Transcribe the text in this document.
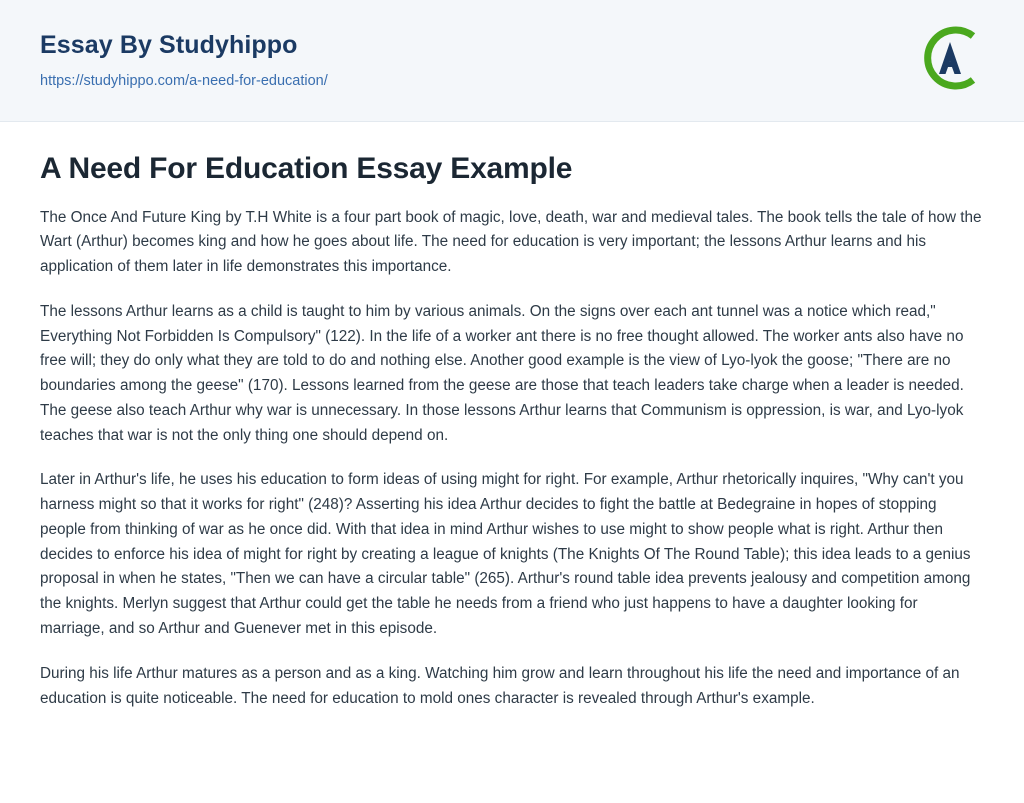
Essay By Studyhippo
https://studyhippo.com/a-need-for-education/
A Need For Education Essay Example

The Once And Future King by T.H White is a four part book of magic, love, death, war and medieval tales. The book tells the tale of how the Wart (Arthur) becomes king and how he goes about life. The need for education is very important; the lessons Arthur learns and his application of them later in life demonstrates this importance.

The lessons Arthur learns as a child is taught to him by various animals. On the signs over each ant tunnel was a notice which read," Everything Not Forbidden Is Compulsory" (122). In the life of a worker ant there is no free thought allowed. The worker ants also have no free will; they do only what they are told to do and nothing else. Another good example is the view of Lyo-lyok the goose; "There are no boundaries among the geese" (170). Lessons learned from the geese are those that teach leaders take charge when a leader is needed. The geese also teach Arthur why war is unnecessary. In those lessons Arthur learns that Communism is oppression, is war, and Lyo-lyok teaches that war is not the only thing one should depend on.

Later in Arthur's life, he uses his education to form ideas of using might for right. For example, Arthur rhetorically inquires, "Why can't you harness might so that it works for right" (248)? Asserting his idea Arthur decides to fight the battle at Bedegraine in hopes of stopping people from thinking of war as he once did. With that idea in mind Arthur wishes to use might to show people what is right. Arthur then decides to enforce his idea of might for right by creating a league of knights (The Knights Of The Round Table); this idea leads to a genius proposal in when he states, "Then we can have a circular table" (265). Arthur's round table idea prevents jealousy and competition among the knights. Merlyn suggest that Arthur could get the table he needs from a friend who just happens to have a daughter looking for marriage, and so Arthur and Guenever met in this episode.

During his life Arthur matures as a person and as a king. Watching him grow and learn throughout his life the need and importance of an education is quite noticeable. The need for education to mold ones character is revealed through Arthur's example.
